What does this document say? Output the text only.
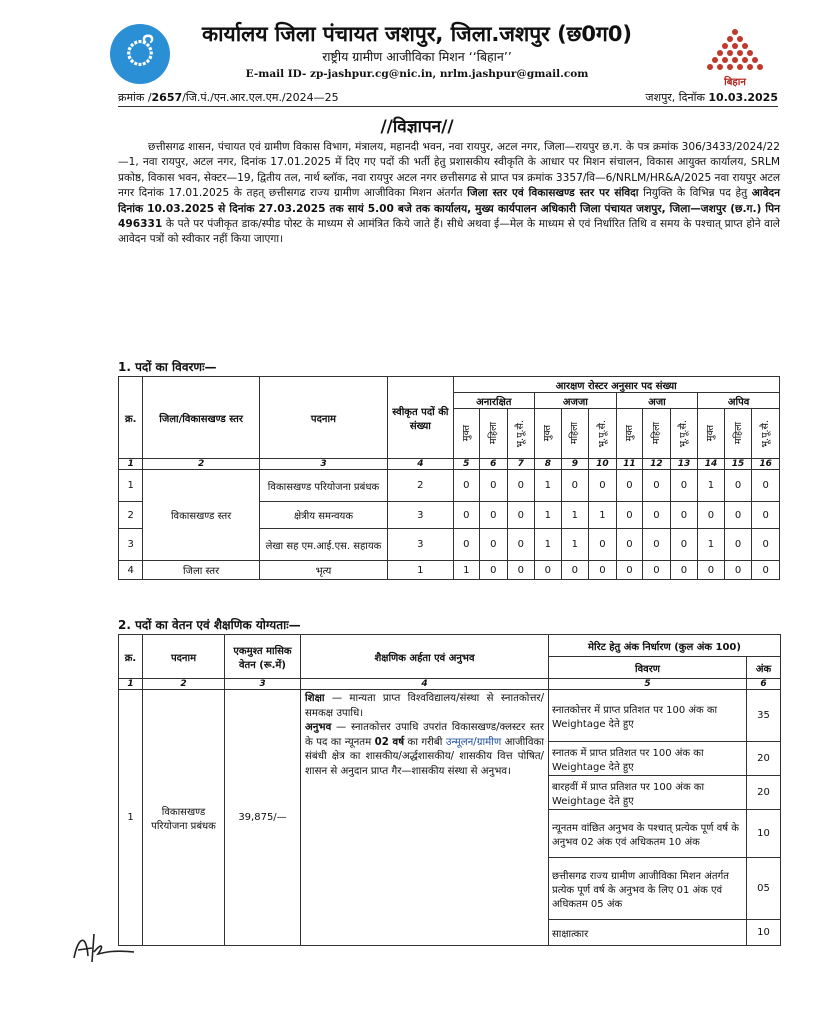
ੰ	कार्यालय जिला पंचायत जशपुर, जिला.जशपुर (छ0ग0)
राष्ट्रीय ग्रामीण आजीविका मिशन ‘‘बिहान’’
E-mail ID- zp-jashpur.cg@nic.in, nrlm.jashpur@gmail.com
बिहान
क्रमांक /2657/जि.पं./एन.आर.एल.एम./2024—25	जशपुर, दिनॉक 10.03.2025
//विज्ञापन//
छत्तीसगढ शासन, पंचायत एवं ग्रामीण विकास विभाग, मंत्रालय, महानदी भवन, नवा रायपुर, अटल नगर, जिला—रायपुर छ.ग. के पत्र क्रमांक 306/3433/2024/22—1, नवा रायपुर, अटल नगर, दिनांक 17.01.2025 में दिए गए पदों की भर्ती हेतु प्रशासकीय स्वीकृति के आधार पर मिशन संचालन, विकास आयुक्त कार्यालय, SRLM प्रकोष्ठ, विकास भवन, सेक्टर—19, द्वितीय तल, नार्थ ब्लॉक, नवा रायपुर अटल नगर छत्तीसगढ से प्राप्त पत्र क्रमांक 3357/वि—6/NRLM/HR&A/2025 नवा रायपुर अटल नगर दिनांक 17.01.2025 के तहत् छत्तीसगढ राज्य ग्रामीण आजीविका मिशन अंतर्गत जिला स्तर एवं विकासखण्ड स्तर पर संविदा नियुक्ति के विभिन्न पद हेतु आवेदन दिनांक 10.03.2025 से दिनांक 27.03.2025 तक सायं 5.00 बजे तक कार्यालय, मुख्य कार्यपालन अधिकारी जिला पंचायत जशपुर, जिला—जशपुर (छ.ग.) पिन 496331 के पते पर पंजीकृत डाक/स्पीड पोस्ट के माध्यम से आमंत्रित किये जाते हैं। सीधे अथवा ई—मेल के माध्यम से एवं निर्धारित तिथि व समय के पश्चात् प्राप्त होने वाले आवेदन पत्रों को स्वीकार नहीं किया जाएगा।
1. पदों का विवरणः—
क्र.	जिला/विकासखण्ड स्तर	पदनाम	स्वीकृत पदों की संख्या	आरक्षण रोस्टर अनुसार पद संख्या											
				अनारक्षित			अजजा			अजा			अपिव		

				मुक्त	महिला	भू.पू.सै.	मुक्त	महिला	भू.पू.सै.	मुक्त	महिला	भू.पू.सै.	मुक्त	महिला	भू.पू.सै.

1	2	3	4	5	6	7	8	9	10	11	12	13	14	15	16
1	विकासखण्ड स्तर	विकासखण्ड परियोजना प्रबंधक	2	0	0	0	1	0	0	0	0	0	1	0	0
2		क्षेत्रीय समन्वयक	3	0	0	0	1	1	1	0	0	0	0	0	0
3		लेखा सह एम.आई.एस. सहायक	3	0	0	0	1	1	0	0	0	0	1	0	0
4	जिला स्तर	भृत्य	1	1	0	0	0	0	0	0	0	0	0	0	0
2. पदों का वेतन एवं शैक्षणिक योग्यताः—
क्र.	पदनाम	एकमुश्त मासिक वेतन (रू.में)	शैक्षणिक अर्हता एवं अनुभव	मेरिट हेतु अंक निर्धारण (कुल अंक 100)	
				विवरण	अंक
1	2	3	4	5	6
1	विकासखण्ड परियोजना प्रबंधक	39,875/—	शिक्षा — मान्यता प्राप्त विश्वविद्यालय/संस्था से स्नातकोत्तर/समकक्ष उपाधि।
अनुभव — स्नातकोत्तर उपाधि उपरांत विकासखण्ड/क्लस्टर स्तर के पद का न्यूनतम 02 वर्ष का गरीबी उन्मूलन/ग्रामीण आजीविका संबंधी क्षेत्र का शासकीय/अर्द्धशासकीय/ शासकीय वित्त पोषित/शासन से अनुदान प्राप्त गैर—शासकीय संस्था से अनुभव।	स्नातकोत्तर में प्राप्त प्रतिशत पर 100 अंक का Weightage देते हुए	35
				स्नातक में प्राप्त प्रतिशत पर 100 अंक का Weightage देते हुए	20
				बारहवीं में प्राप्त प्रतिशत पर 100 अंक का Weightage देते हुए	20
				न्यूनतम वांछित अनुभव के पश्चात् प्रत्येक पूर्ण वर्ष के अनुभव 02 अंक एवं अधिकतम 10 अंक	10
				छत्तीसगढ राज्य ग्रामीण आजीविका मिशन अंतर्गत प्रत्येक पूर्ण वर्ष के अनुभव के लिए 01 अंक एवं अधिकतम 05 अंक	05
				साक्षात्कार	10
